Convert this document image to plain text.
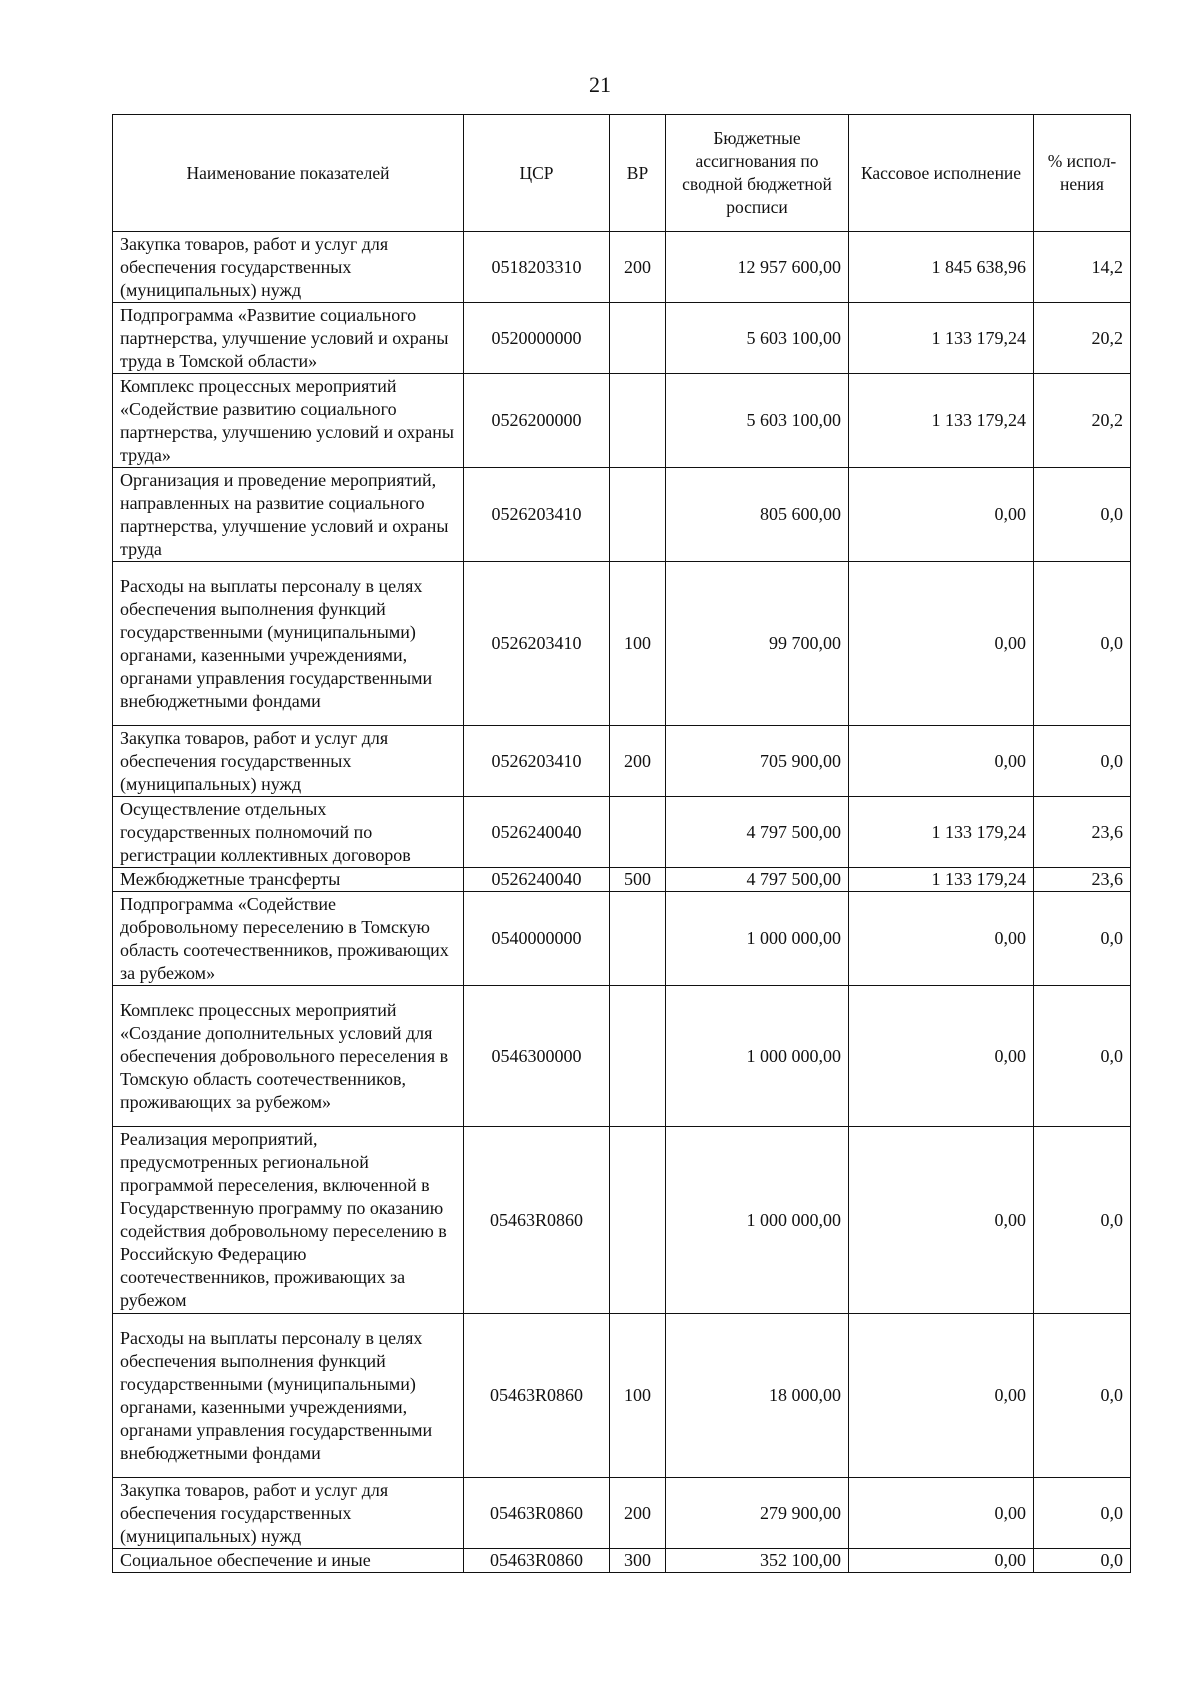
21
Наименование показателей	ЦСР	ВР	Бюджетные ассигнования по сводной бюджетной росписи	Кассовое исполнение	% испол-нения
Закупка товаров, работ и услуг для обеспечения государственных (муниципальных) нужд	0518203310	200	12 957 600,00	1 845 638,96	14,2
Подпрограмма «Развитие социального партнерства, улучшение условий и охраны труда в Томской области»	0520000000		5 603 100,00	1 133 179,24	20,2
Комплекс процессных мероприятий «Содействие развитию социального партнерства, улучшению условий и охраны труда»	0526200000		5 603 100,00	1 133 179,24	20,2
Организация и проведение мероприятий, направленных на развитие социального партнерства, улучшение условий и охраны труда	0526203410		805 600,00	0,00	0,0
Расходы на выплаты персоналу в целях обеспечения выполнения функций государственными (муниципальными) органами, казенными учреждениями, органами управления государственными внебюджетными фондами	0526203410	100	99 700,00	0,00	0,0
Закупка товаров, работ и услуг для обеспечения государственных (муниципальных) нужд	0526203410	200	705 900,00	0,00	0,0
Осуществление отдельных государственных полномочий по регистрации коллективных договоров	0526240040		4 797 500,00	1 133 179,24	23,6
Межбюджетные трансферты	0526240040	500	4 797 500,00	1 133 179,24	23,6
Подпрограмма «Содействие добровольному переселению в Томскую область соотечественников, проживающих за рубежом»	0540000000		1 000 000,00	0,00	0,0
Комплекс процессных мероприятий «Создание дополнительных условий для обеспечения добровольного переселения в Томскую область соотечественников, проживающих за рубежом»	0546300000		1 000 000,00	0,00	0,0
Реализация мероприятий, предусмотренных региональной программой переселения, включенной в Государственную программу по оказанию содействия добровольному переселению в Российскую Федерацию соотечественников, проживающих за рубежом	05463R0860		1 000 000,00	0,00	0,0
Расходы на выплаты персоналу в целях обеспечения выполнения функций государственными (муниципальными) органами, казенными учреждениями, органами управления государственными внебюджетными фондами	05463R0860	100	18 000,00	0,00	0,0
Закупка товаров, работ и услуг для обеспечения государственных (муниципальных) нужд	05463R0860	200	279 900,00	0,00	0,0
Социальное обеспечение и иные	05463R0860	300	352 100,00	0,00	0,0
